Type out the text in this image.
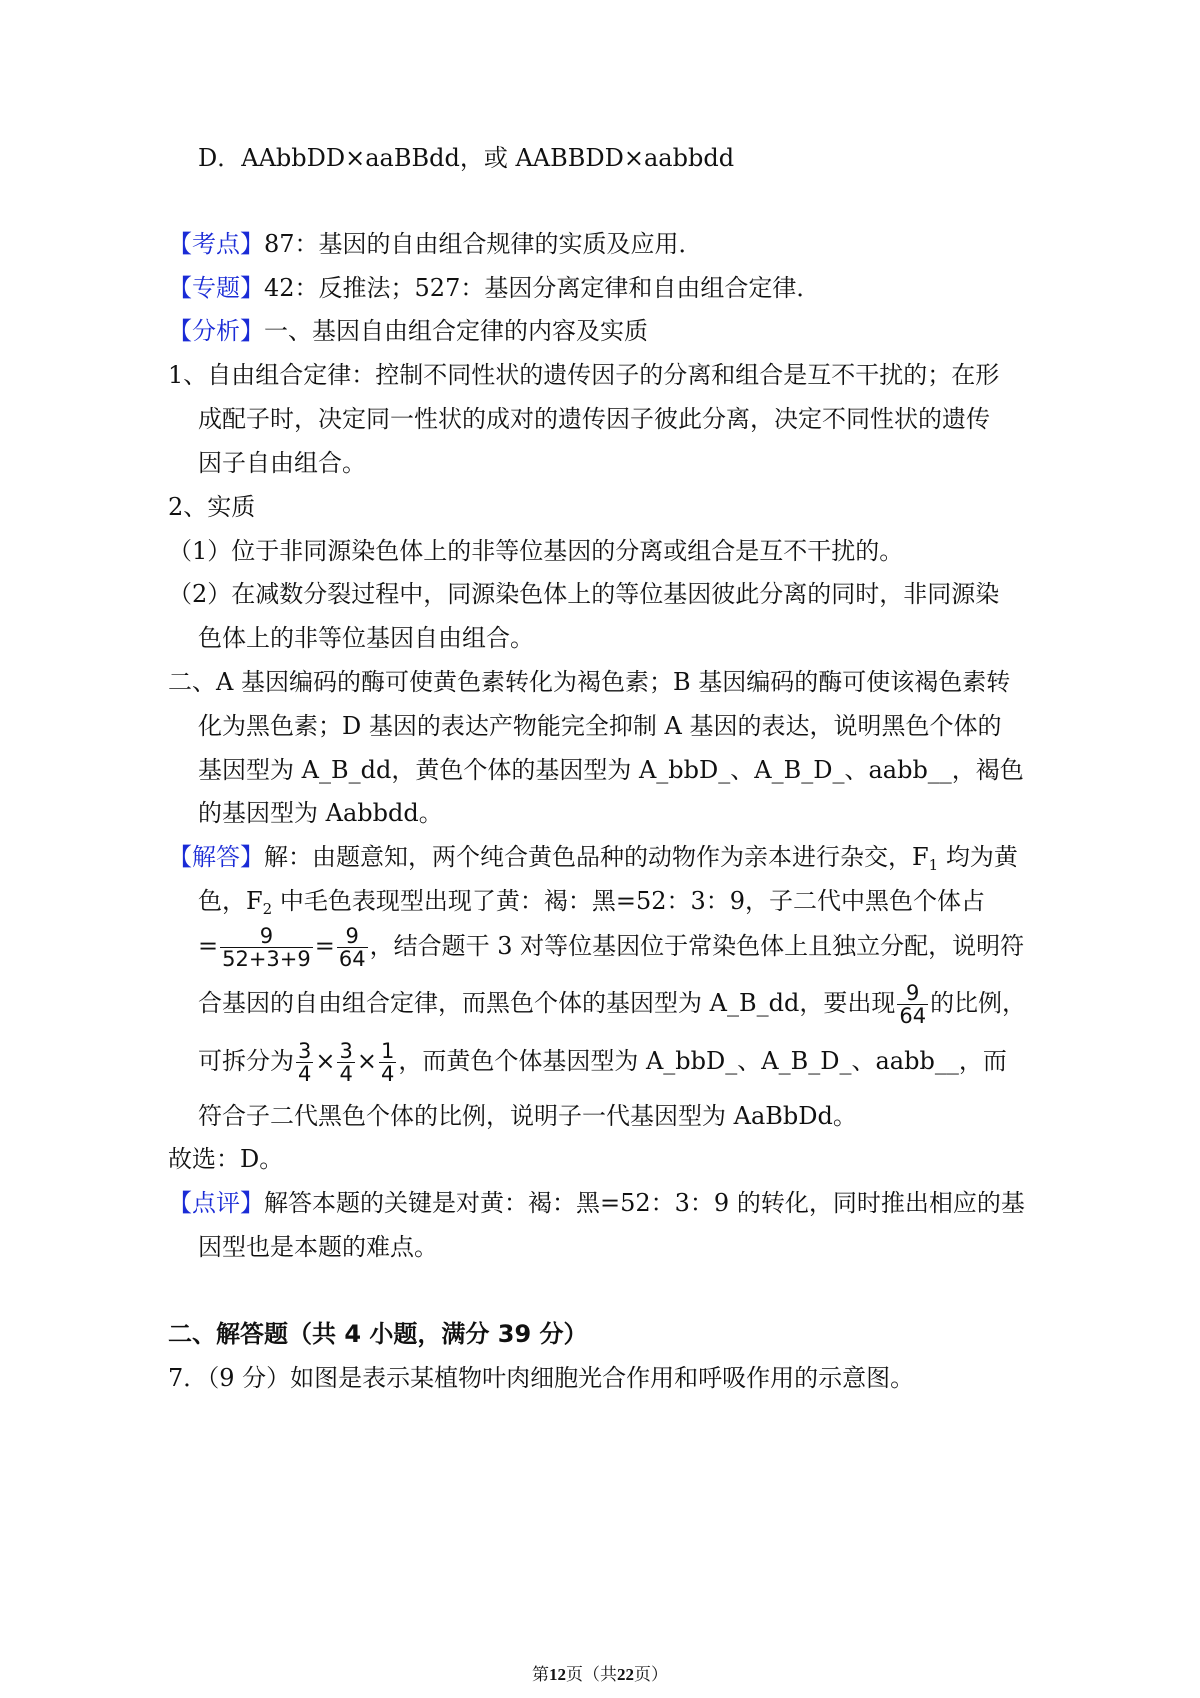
D．AAbbDD×aaBBdd，或 AABBDD×aabbdd
【考点】87：基因的自由组合规律的实质及应用．
【专题】42：反推法；527：基因分离定律和自由组合定律．
【分析】一、基因自由组合定律的内容及实质
1、自由组合定律：控制不同性状的遗传因子的分离和组合是互不干扰的；在形
成配子时，决定同一性状的成对的遗传因子彼此分离，决定不同性状的遗传
因子自由组合。
2、实质
（1）位于非同源染色体上的非等位基因的分离或组合是互不干扰的。
（2）在减数分裂过程中，同源染色体上的等位基因彼此分离的同时，非同源染
色体上的非等位基因自由组合。
二、A 基因编码的酶可使黄色素转化为褐色素；B 基因编码的酶可使该褐色素转
化为黑色素；D 基因的表达产物能完全抑制 A 基因的表达，说明黑色个体的
基因型为 A_B_dd，黄色个体的基因型为 A_bbD_、A_B_D_、aabb__，褐色
的基因型为 Aabbdd。
【解答】解：由题意知，两个纯合黄色品种的动物作为亲本进行杂交，$F_1$ 均为黄
色，$F_2$ 中毛色表现型出现了黄：褐：黑=52：3：9，子二代中黑色个体占
= $\frac{9}{52+3+9} = \frac{9}{64}$ ，结合题干 3 对等位基因位于常染色体上且独立分配，说明符
合基因的自由组合定律，而黑色个体的基因型为 A_B_dd，要出现 $\frac{9}{64}$ 的比例，
可拆分为 $\frac{3}{4} \times \frac{3}{4} \times \frac{1}{4}$ ，而黄色个体基因型为 A_bbD_、A_B_D_、aabb__，而
符合子二代黑色个体的比例，说明子一代基因型为 AaBbDd。
故选：D。
【点评】解答本题的关键是对黄：褐：黑=52：3：9 的转化，同时推出相应的基
因型也是本题的难点。
二、解答题（共 4 小题，满分 39 分）
7．（9 分）如图是表示某植物叶肉细胞光合作用和呼吸作用的示意图。
第12页（共22页）
